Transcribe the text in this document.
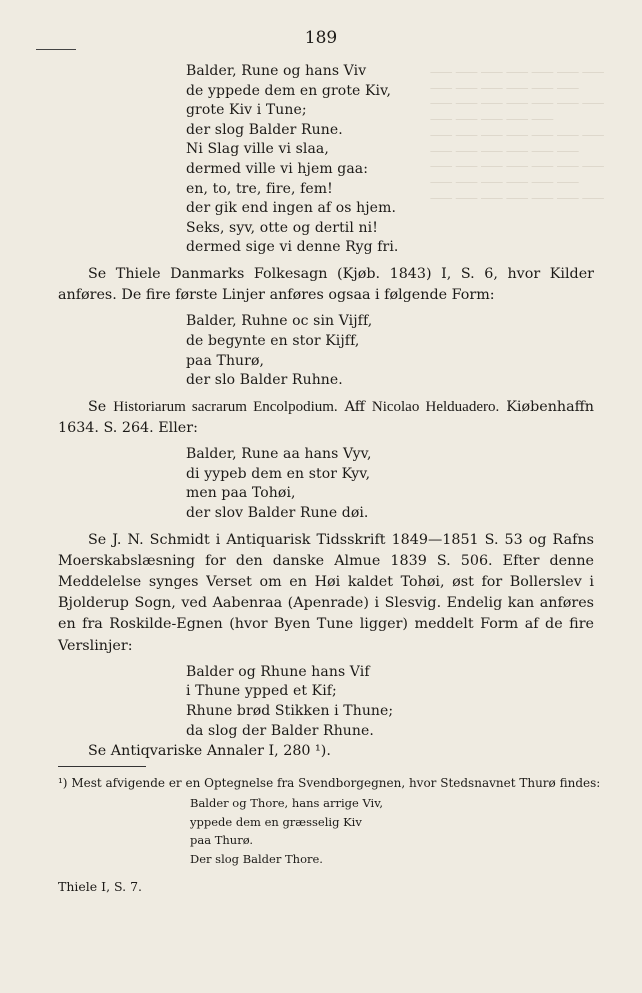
189
⸻ ⸻ ⸻ ⸻ ⸻ ⸻ ⸻
⸻ ⸻ ⸻ ⸻ ⸻ ⸻
⸻ ⸻ ⸻ ⸻ ⸻ ⸻ ⸻
⸻ ⸻ ⸻ ⸻ ⸻
⸻ ⸻ ⸻ ⸻ ⸻ ⸻ ⸻
⸻ ⸻ ⸻ ⸻ ⸻ ⸻
⸻ ⸻ ⸻ ⸻ ⸻ ⸻ ⸻
⸻ ⸻ ⸻ ⸻ ⸻ ⸻
⸻ ⸻ ⸻ ⸻ ⸻ ⸻ ⸻
Balder, Rune og hans Viv
de yppede dem en grote Kiv,
grote Kiv i Tune;
der slog Balder Rune.
Ni Slag ville vi slaa,
dermed ville vi hjem gaa:
en, to, tre, fire, fem!
der gik end ingen af os hjem.
Seks, syv, otte og dertil ni!
dermed sige vi denne Ryg fri.
Se Thiele Danmarks Folkesagn (Kjøb. 1843) I, S. 6, hvor Kilder anføres. De fire første Linjer anføres ogsaa i følgende Form:
Balder, Ruhne oc sin Vijff,
de begynte en stor Kijff,
paa Thurø,
der slo Balder Ruhne.
Se Historiarum sacrarum Encolpodium. Aff Nicolao Helduadero. Kiøbenhaffn 1634. S. 264. Eller:
Balder, Rune aa hans Vyv,
di yypeb dem en stor Kyv,
men paa Tohøi,
der slov Balder Rune døi.
Se J. N. Schmidt i Antiquarisk Tidsskrift 1849—1851 S. 53 og Rafns Moerskabslæsning for den danske Almue 1839 S. 506. Efter denne Meddelelse synges Verset om en Høi kaldet Tohøi, øst for Bollerslev i Bjolderup Sogn, ved Aabenraa (Apenrade) i Slesvig. Endelig kan anføres en fra Roskilde-Egnen (hvor Byen Tune ligger) meddelt Form af de fire Verslinjer:
Balder og Rhune hans Vif
i Thune ypped et Kif;
Rhune brød Stikken i Thune;
da slog der Balder Rhune.
Se Antiqvariske Annaler I, 280 ¹).
¹) Mest afvigende er en Optegnelse fra Svendborgegnen, hvor Stedsnavnet Thurø findes:
Balder og Thore, hans arrige Viv,
yppede dem en græsselig Kiv
paa Thurø.
Der slog Balder Thore.
Thiele I, S. 7.
